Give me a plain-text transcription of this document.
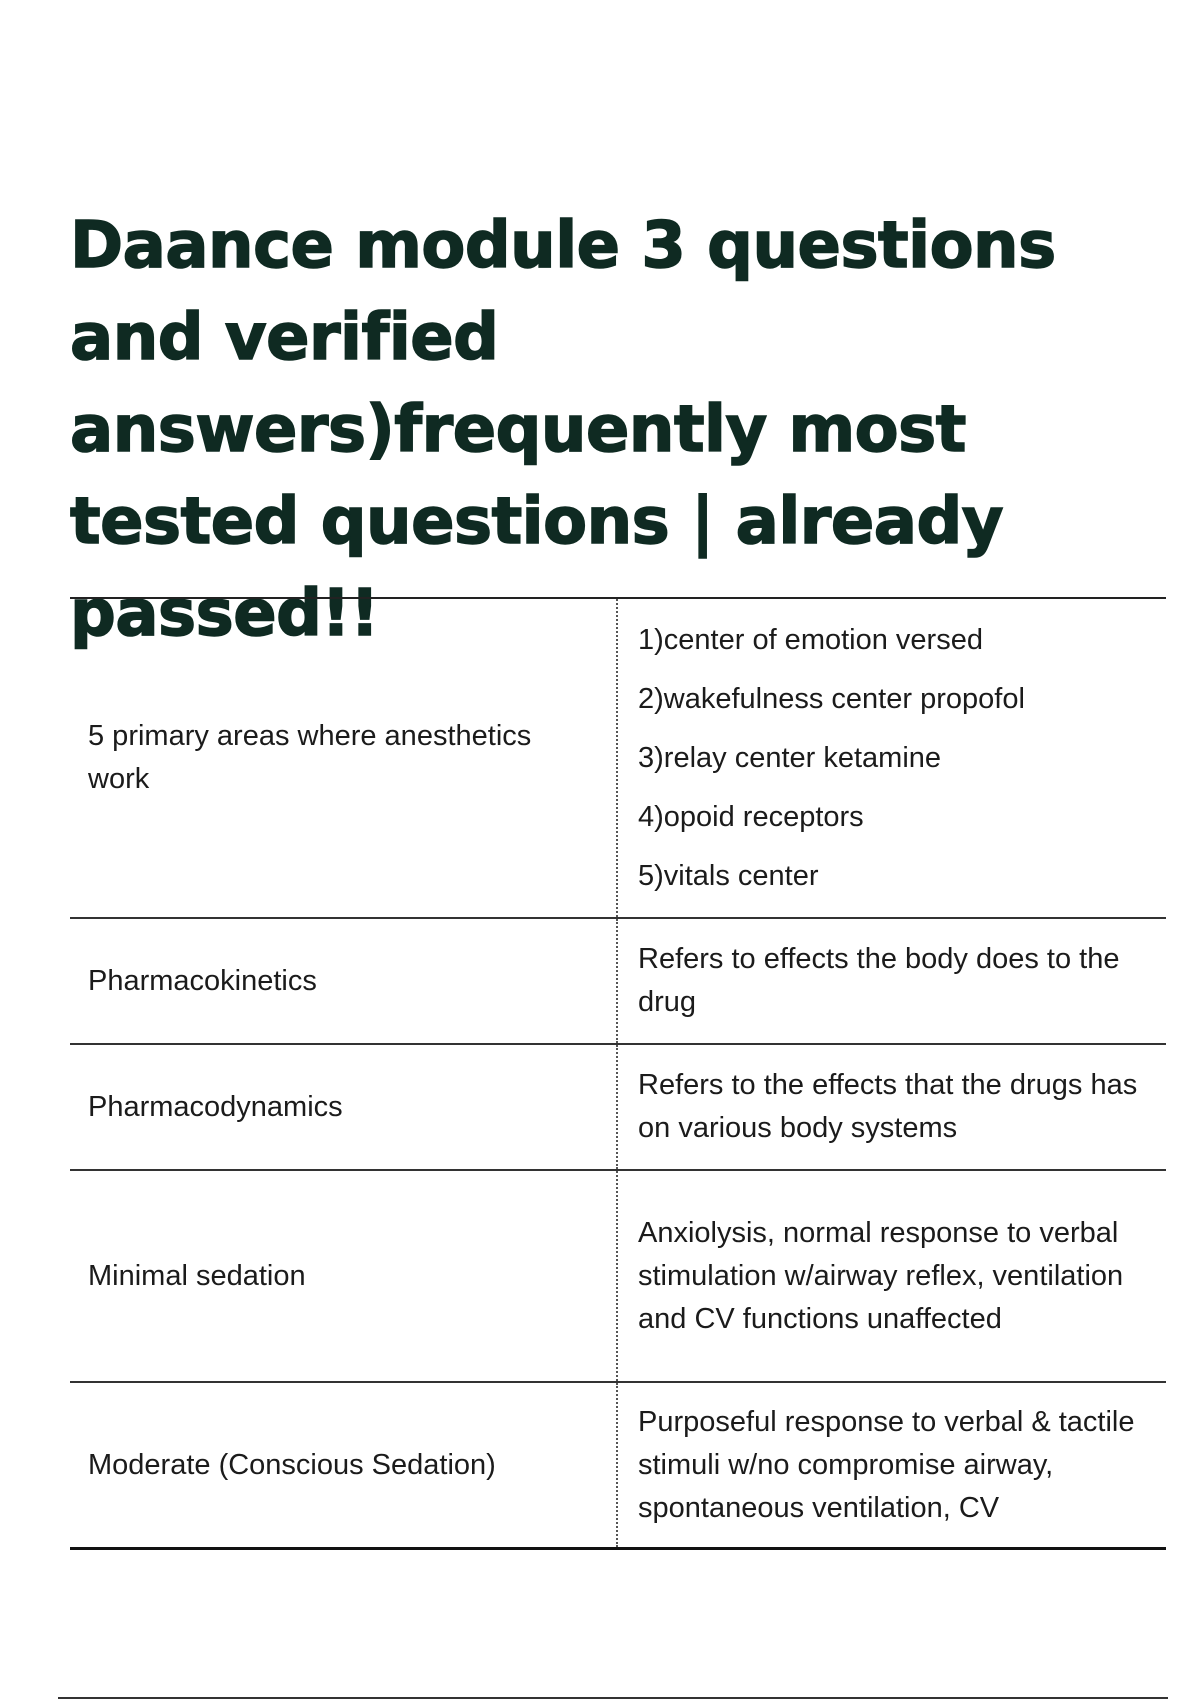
Daance module 3 questions and verified answers)frequently most tested questions | already passed!!
5 primary areas where anesthetics work
1)center of emotion versed
2)wakefulness center propofol
3)relay center ketamine
4)opoid receptors
5)vitals center
Pharmacokinetics
Refers to effects the body does to the drug
Pharmacodynamics
Refers to the effects that the drugs has on various body systems
Minimal sedation
Anxiolysis, normal response to verbal stimulation w/airway reflex, ventilation and CV functions unaffected
Moderate (Conscious Sedation)
Purposeful response to verbal & tactile stimuli w/no compromise airway, spontaneous ventilation, CV
